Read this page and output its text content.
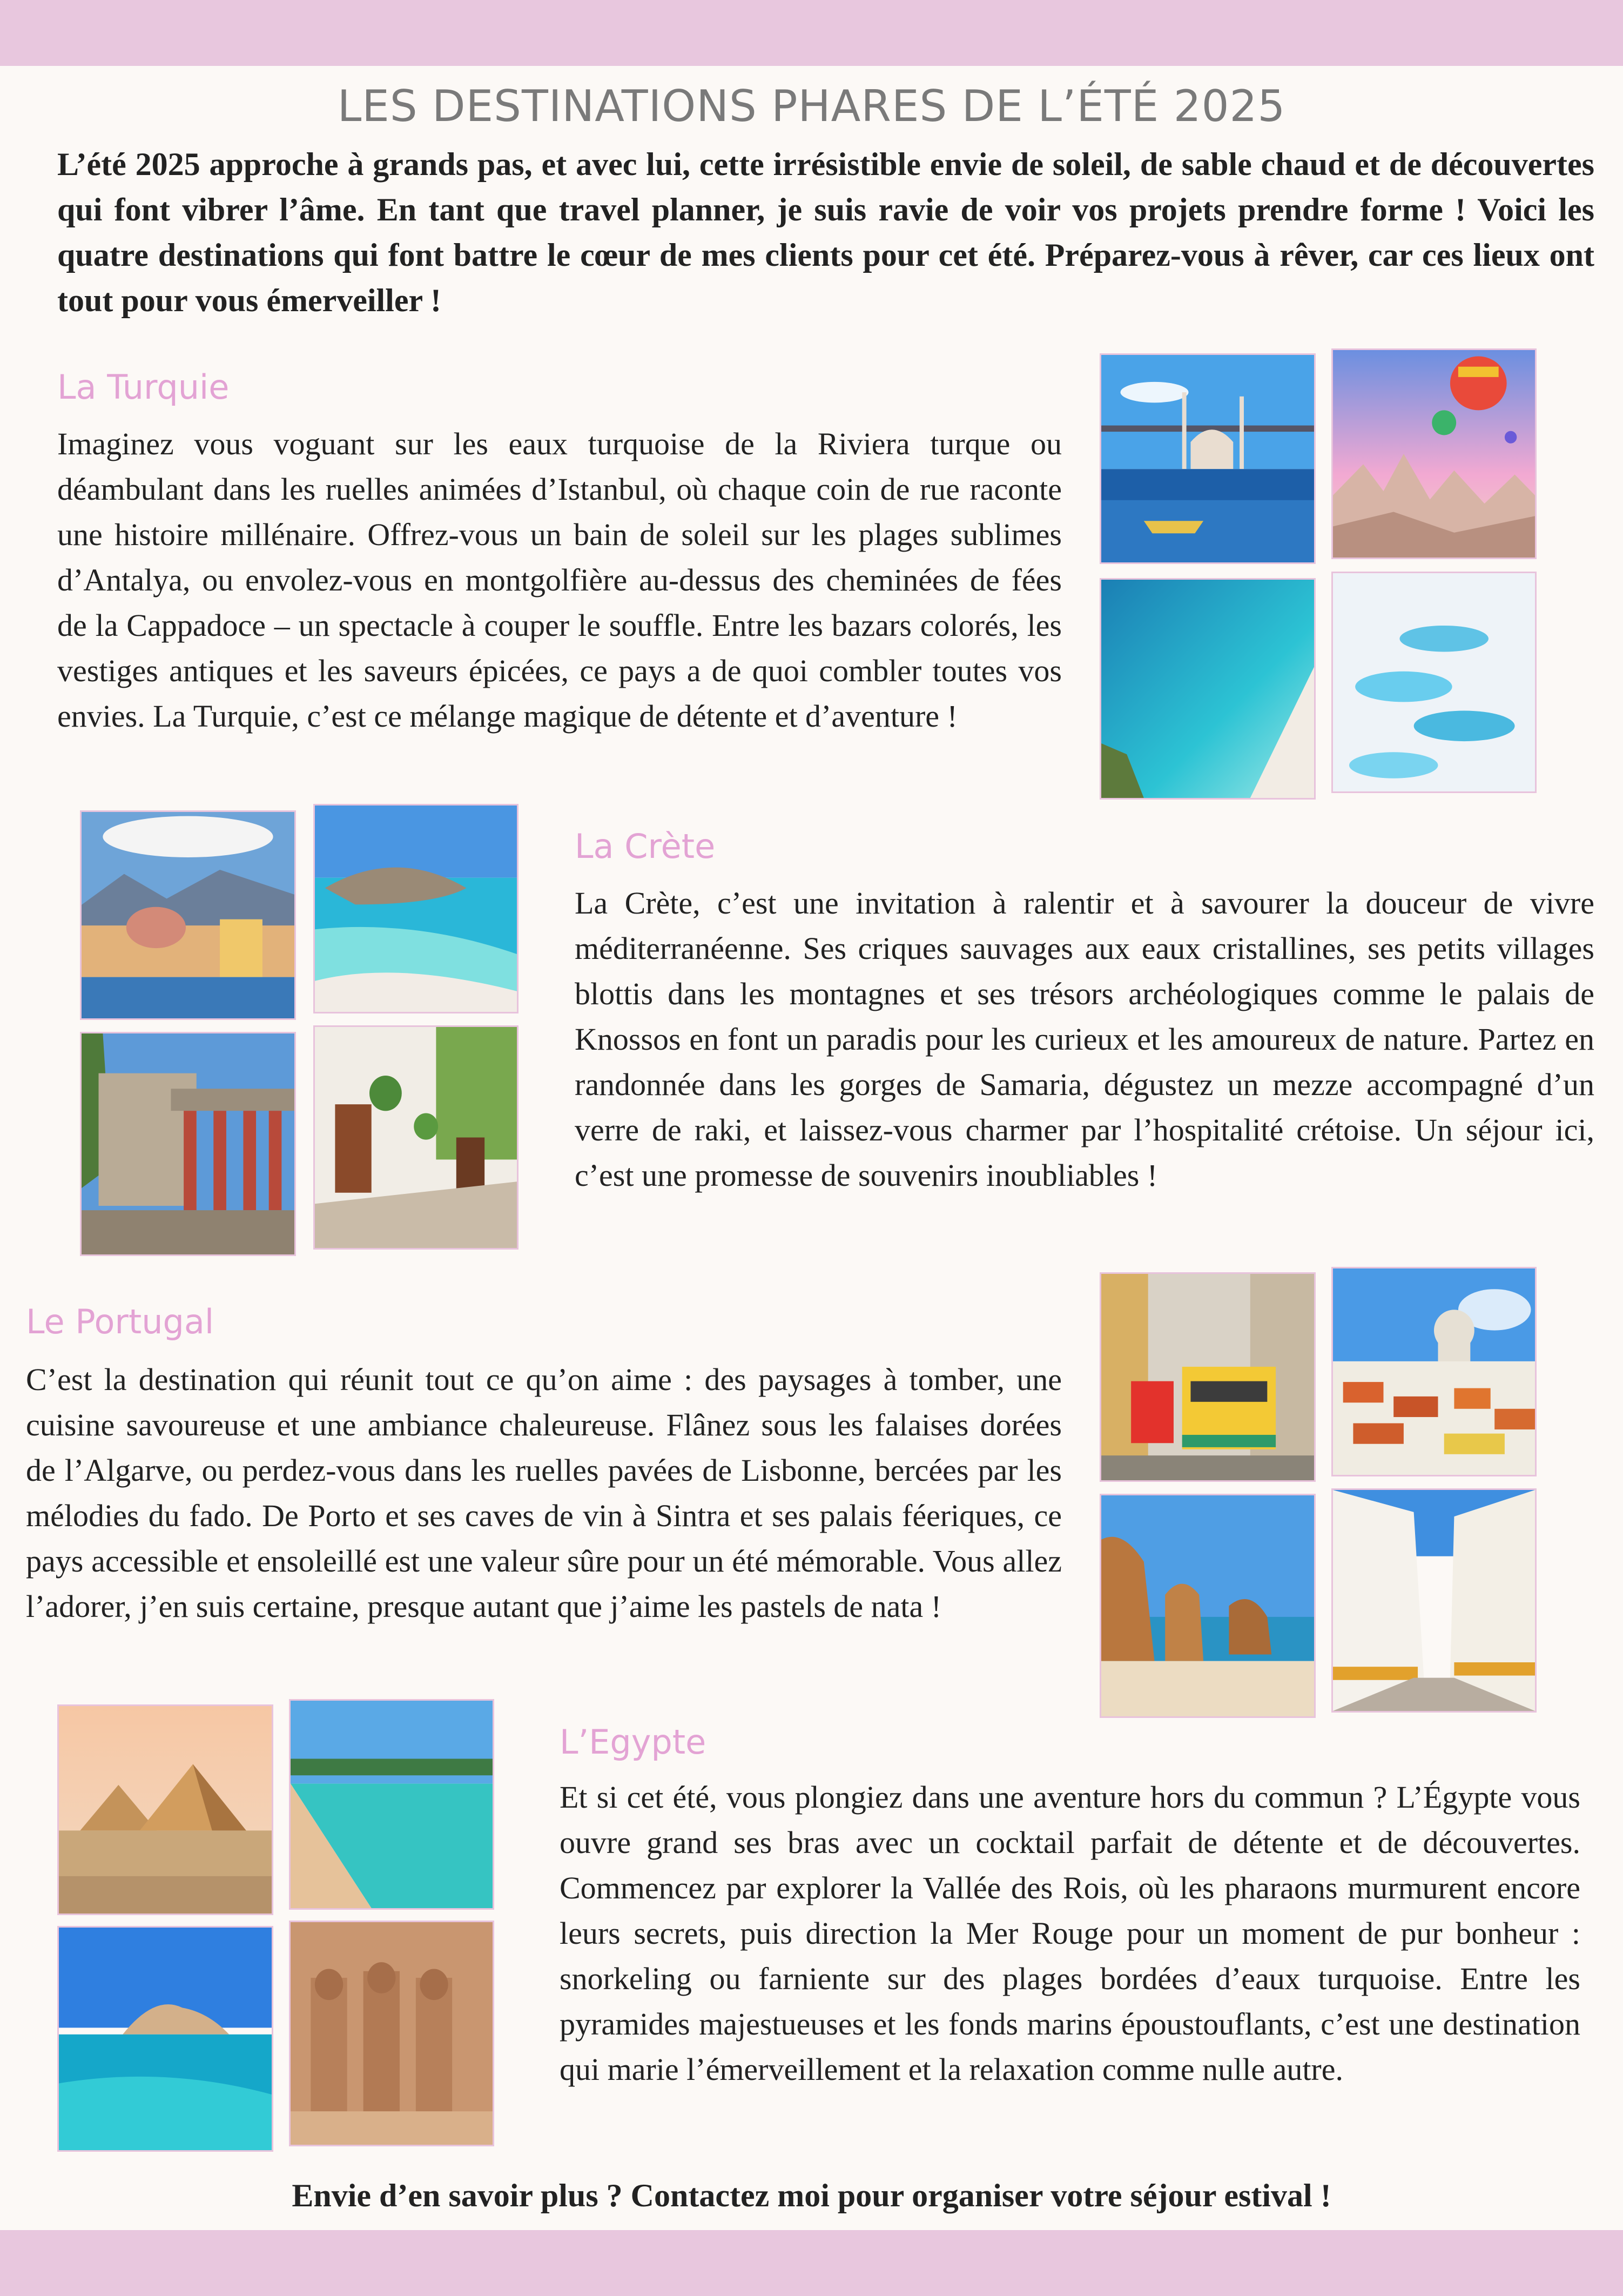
LES DESTINATIONS PHARES DE L’ÉTÉ 2025

L’été 2025 approche à grands pas, et avec lui, cette irrésistible envie de soleil, de sable chaud et de découvertes qui font vibrer l’âme. En tant que travel planner, je suis ravie de voir vos projets prendre forme ! Voici les quatre destinations qui font battre le cœur de mes clients pour cet été. Préparez-vous à rêver, car ces lieux ont tout pour vous émerveiller !

La Turquie

Imaginez vous voguant sur les eaux turquoise de la Riviera turque ou déambulant dans les ruelles animées d’Istanbul, où chaque coin de rue raconte une histoire millénaire. Offrez-vous un bain de soleil sur les plages sublimes d’Antalya, ou envolez-vous en montgolfière au-dessus des cheminées de fées de la Cappadoce – un spectacle à couper le souffle. Entre les bazars colorés, les vestiges antiques et les saveurs épicées, ce pays a de quoi combler toutes vos envies. La Turquie, c’est ce mélange magique de détente et d’aventure !

La Crète

La Crète, c’est une invitation à ralentir et à savourer la douceur de vivre méditerranéenne. Ses criques sauvages aux eaux cristallines, ses petits villages blottis dans les montagnes et ses trésors archéologiques comme le palais de Knossos en font un paradis pour les curieux et les amoureux de nature. Partez en randonnée dans les gorges de Samaria, dégustez un mezze accompagné d’un verre de raki, et laissez-vous charmer par l’hospitalité crétoise. Un séjour ici, c’est une promesse de souvenirs inoubliables !

Le Portugal

C’est la destination qui réunit tout ce qu’on aime : des paysages à tomber, une cuisine savoureuse et une ambiance chaleureuse. Flânez sous les falaises dorées de l’Algarve, ou perdez-vous dans les ruelles pavées de Lisbonne, bercées par les mélodies du fado. De Porto et ses caves de vin à Sintra et ses palais féeriques, ce pays accessible et ensoleillé est une valeur sûre pour un été mémorable. Vous allez l’adorer, j’en suis certaine, presque autant que j’aime les pastels de nata !

L’Egypte

Et si cet été, vous plongiez dans une aventure hors du commun ? L’Égypte vous ouvre grand ses bras avec un cocktail parfait de détente et de découvertes. Commencez par explorer la Vallée des Rois, où les pharaons murmurent encore leurs secrets, puis direction la Mer Rouge pour un moment de pur bonheur : snorkeling ou farniente sur des plages bordées d’eaux turquoise. Entre les pyramides majestueuses et les fonds marins époustouflants, c’est une destination qui marie l’émerveillement et la relaxation comme nulle autre.

Envie d’en savoir plus ? Contactez moi pour organiser votre séjour estival !
